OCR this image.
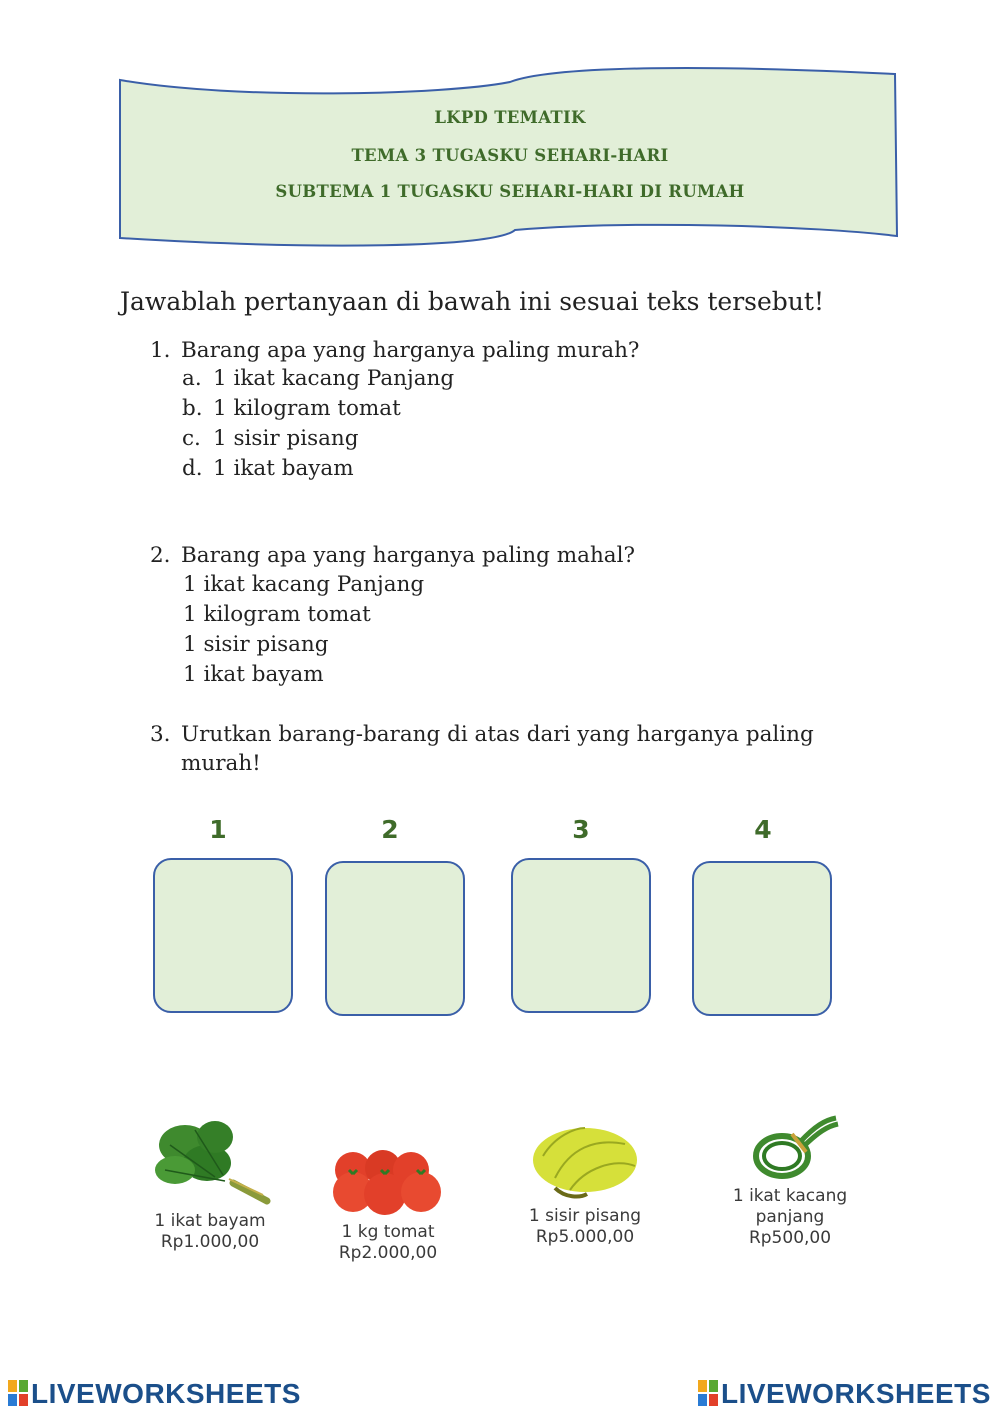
LKPD TEMATIK
TEMA 3 TUGASKU SEHARI-HARI
SUBTEMA 1 TUGASKU SEHARI-HARI DI RUMAH
Jawablah pertanyaan di bawah ini sesuai teks tersebut!
1. Barang apa yang harganya paling murah?
a. 1 ikat kacang Panjang
b. 1 kilogram tomat
c. 1 sisir pisang
d. 1 ikat bayam
2. Barang apa yang harganya paling mahal?
1 ikat kacang Panjang
1 kilogram tomat
1 sisir pisang
1 ikat bayam
3. Urutkan barang-barang di atas dari yang harganya paling
murah!
1	2	3	4
1 ikat bayam
Rp1.000,00	1 kg tomat
Rp2.000,00
1 sisir pisang
Rp5.000,00
1 ikat kacang
panjang
Rp500,00
LIVEWORKSHEETS	LIVEWORKSHEETS
